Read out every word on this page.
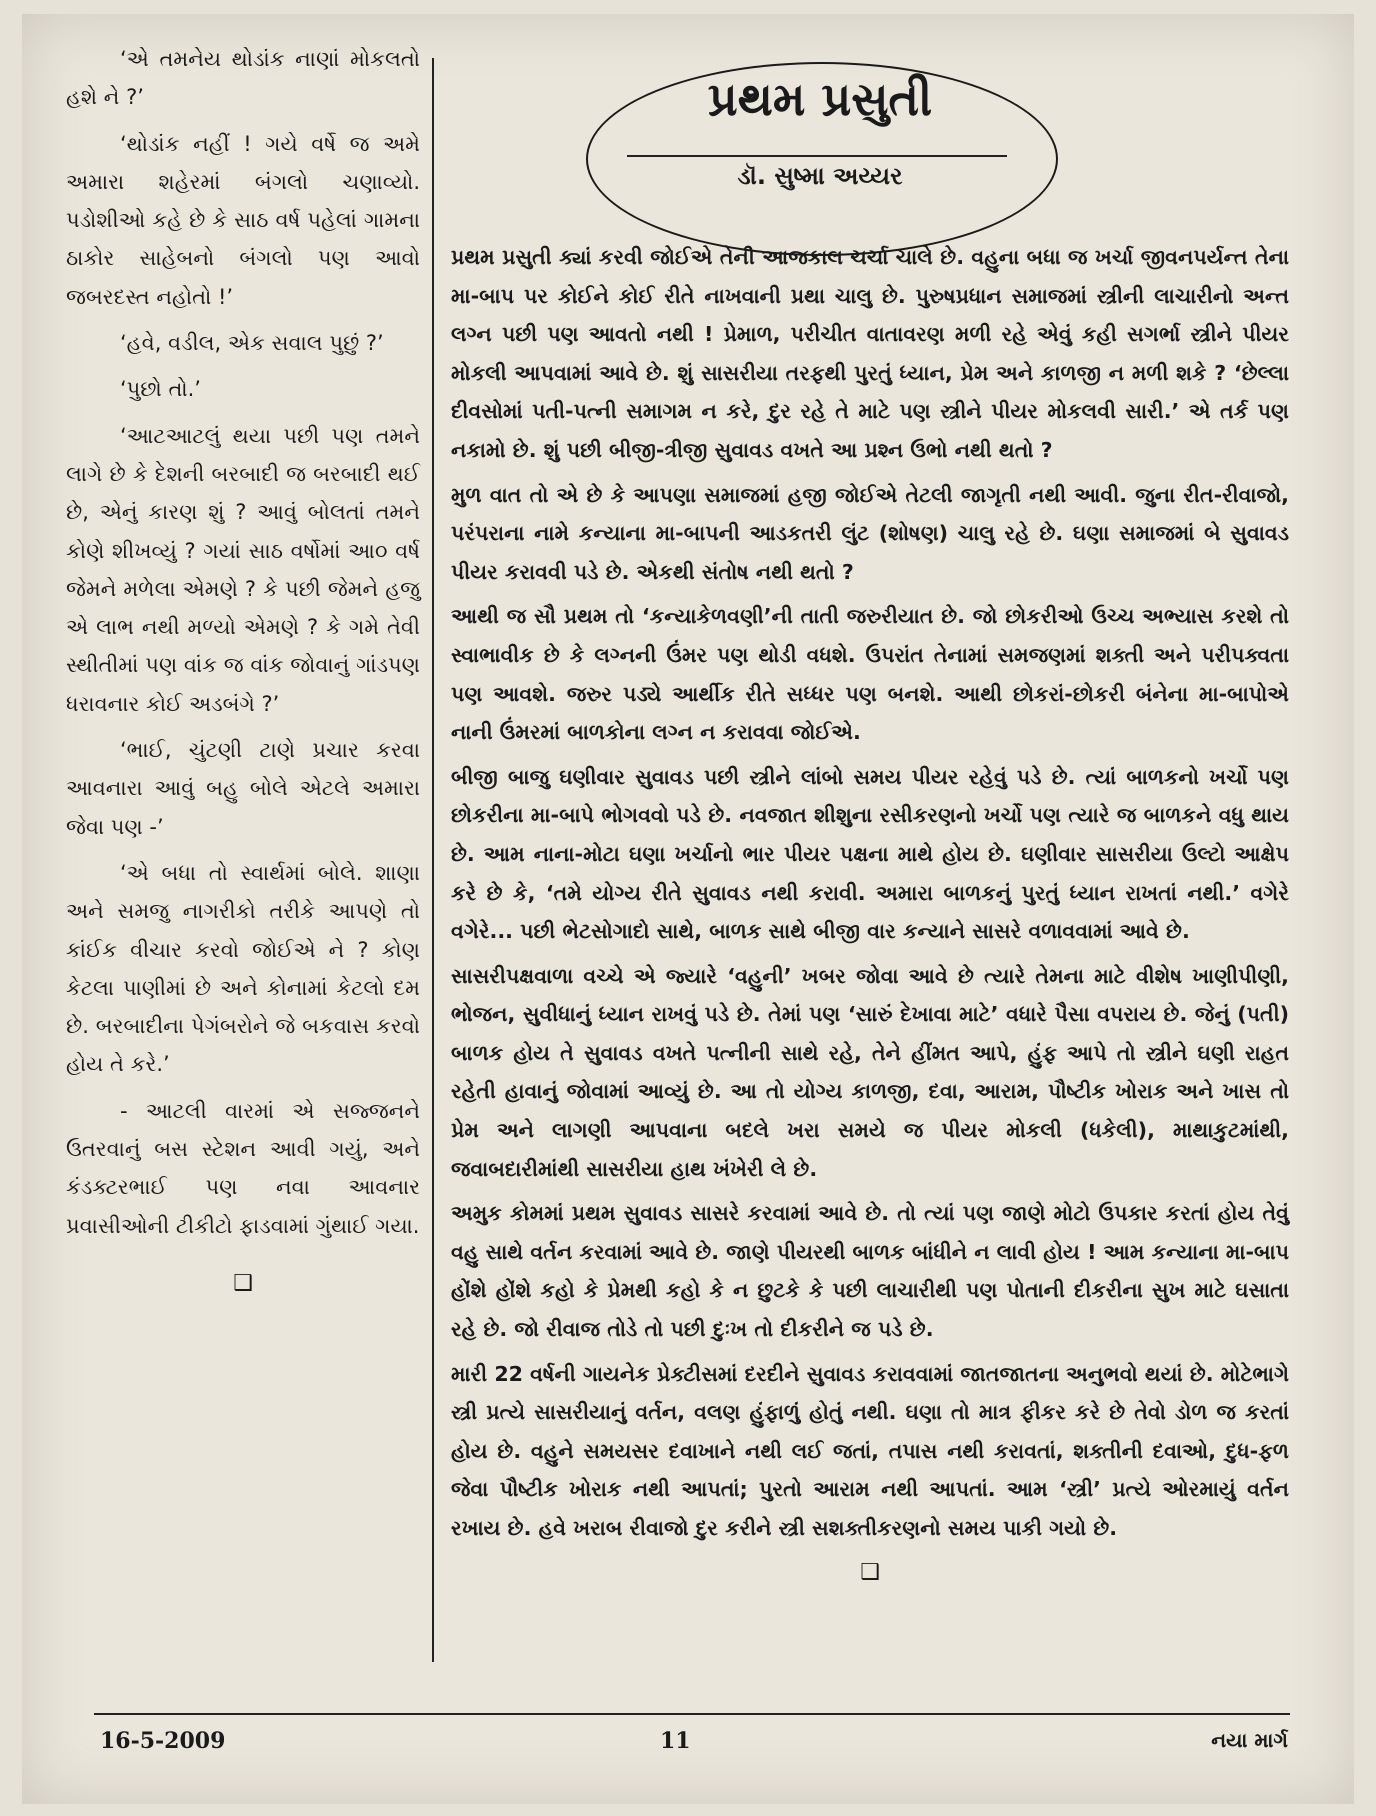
‘એ તમનેય થોડાંક નાણાં મોકલતો હશે ને ?’

‘થોડાંક નહીં ! ગયે વર્ષે જ અમે અમારા શહેરમાં બંગલો ચણાવ્યો. પડોશીઓ કહે છે કે સાઠ વર્ષ પહેલાં ગામના ઠાકોર સાહેબનો બંગલો પણ આવો જબરદસ્ત નહોતો !’

‘હવે, વડીલ, એક સવાલ પુછું ?’

‘પુછો તો.’

‘આટઆટલું થયા પછી પણ તમને લાગે છે કે દેશની બરબાદી જ બરબાદી થઈ છે, એનું કારણ શું ? આવું બોલતાં તમને કોણે શીખવ્યું ? ગયાં સાઠ વર્ષોમાં આ૦ વર્ષ જેમને મળેલા એમણે ? કે પછી જેમને હજુ એ લાભ નથી મળ્યો એમણે ? કે ગમે તેવી સ્થીતીમાં પણ વાંક જ વાંક જોવાનું ગાંડપણ ધરાવનાર કોઈ અડબંગે ?’

‘ભાઈ, ચુંટણી ટાણે પ્રચાર કરવા આવનારા આવું બહુ બોલે એટલે અમારા જેવા પણ -’

‘એ બધા તો સ્વાર્થમાં બોલે. શાણા અને સમજુ નાગરીકો તરીકે આપણે તો કાંઈક વીચાર કરવો જોઈએ ને ? કોણ કેટલા પાણીમાં છે અને કોનામાં કેટલો દમ છે. બરબાદીના પેગંબરોને જે બકવાસ કરવો હોય તે કરે.’

- આટલી વારમાં એ સજ્જનને ઉતરવાનું બસ સ્ટેશન આવી ગયું, અને કંડક્ટરભાઈ પણ નવા આવનાર પ્રવાસીઓની ટીકીટો ફાડવામાં ગુંથાઈ ગયા.

❑
પ્રથમ પ્રસુતી
ડૉ. સુષ્મા અય્યર

પ્રથમ પ્રસુતી ક્યાં કરવી જોઈએ તેની આજકાલ ચર્ચા ચાલે છે. વહુના બધા જ ખર્ચા જીવનપર્યન્ત તેના મા-બાપ પર કોઈને કોઈ રીતે નાખવાની પ્રથા ચાલુ છે. પુરુષપ્રધાન સમાજમાં સ્ત્રીની લાચારીનો અન્ત લગ્ન પછી પણ આવતો નથી ! પ્રેમાળ, પરીચીત વાતાવરણ મળી રહે એવું કહી સગર્ભા સ્ત્રીને પીયર મોકલી આપવામાં આવે છે. શું સાસરીયા તરફથી પુરતું ધ્યાન, પ્રેમ અને કાળજી ન મળી શકે ? ‘છેલ્લા દીવસોમાં પતી-પત્ની સમાગમ ન કરે, દુર રહે તે માટે પણ સ્ત્રીને પીયર મોકલવી સારી.’ એ તર્ક પણ નકામો છે. શું પછી બીજી-ત્રીજી સુવાવડ વખતે આ પ્રશ્ન ઉભો નથી થતો ?

મુળ વાત તો એ છે કે આપણા સમાજમાં હજી જોઈએ તેટલી જાગૃતી નથી આવી. જુના રીત-રીવાજો, પરંપરાના નામે કન્યાના મા-બાપની આડકતરી લુંટ (શોષણ) ચાલુ રહે છે. ઘણા સમાજમાં બે સુવાવડ પીયર કરાવવી પડે છે. એકથી સંતોષ નથી થતો ?

આથી જ સૌ પ્રથમ તો ‘કન્યાકેળવણી’ની તાતી જરુરીયાત છે. જો છોકરીઓ ઉચ્ચ અભ્યાસ કરશે તો સ્વાભાવીક છે કે લગ્નની ઉંમર પણ થોડી વધશે. ઉપરાંત તેનામાં સમજણમાં શક્તી અને પરીપક્વતા પણ આવશે. જરુર પડ્યે આર્થીક રીતે સધ્ધર પણ બનશે. આથી છોકરાં-છોકરી બંનેના મા-બાપોએ નાની ઉંમરમાં બાળકોના લગ્ન ન કરાવવા જોઈએ.

બીજી બાજુ ઘણીવાર સુવાવડ પછી સ્ત્રીને લાંબો સમય પીયર રહેવું પડે છે. ત્યાં બાળકનો ખર્ચો પણ છોકરીના મા-બાપે ભોગવવો પડે છે. નવજાત શીશુના રસીકરણનો ખર્ચો પણ ત્યારે જ બાળકને વધુ થાય છે. આમ નાના-મોટા ઘણા ખર્ચાનો ભાર પીયર પક્ષના માથે હોય છે. ઘણીવાર સાસરીયા ઉલ્ટો આક્ષેપ કરે છે કે, ‘તમે યોગ્ય રીતે સુવાવડ નથી કરાવી. અમારા બાળકનું પુરતું ધ્યાન રાખતાં નથી.’ વગેરે વગેરે... પછી ભેટસોગાદો સાથે, બાળક સાથે બીજી વાર કન્યાને સાસરે વળાવવામાં આવે છે.

સાસરીપક્ષવાળા વચ્ચે એ જ્યારે ‘વહુની’ ખબર જોવા આવે છે ત્યારે તેમના માટે વીશેષ ખાણીપીણી, ભોજન, સુવીધાનું ધ્યાન રાખવું પડે છે. તેમાં પણ ‘સારું દેખાવા માટે’ વધારે પૈસા વપરાય છે. જેનું (પતી) બાળક હોય તે સુવાવડ વખતે પત્નીની સાથે રહે, તેને હીંમત આપે, હુંફ આપે તો સ્ત્રીને ઘણી રાહત રહેતી હાવાનું જોવામાં આવ્યું છે. આ તો યોગ્ય કાળજી, દવા, આરામ, પૌષ્ટીક ખોરાક અને ખાસ તો પ્રેમ અને લાગણી આપવાના બદલે ખરા સમયે જ પીયર મોકલી (ધકેલી), માથાકુટમાંથી, જવાબદારીમાંથી સાસરીયા હાથ ખંખેરી લે છે.

અમુક કોમમાં પ્રથમ સુવાવડ સાસરે કરવામાં આવે છે. તો ત્યાં પણ જાણે મોટો ઉપકાર કરતાં હોય તેવું વહુ સાથે વર્તન કરવામાં આવે છે. જાણે પીયરથી બાળક બાંધીને ન લાવી હોય ! આમ કન્યાના મા-બાપ હોંશે હોંશે કહો કે પ્રેમથી કહો કે ન છુટકે કે પછી લાચારીથી પણ પોતાની દીકરીના સુખ માટે ઘસાતા રહે છે. જો રીવાજ તોડે તો પછી દુઃખ તો દીકરીને જ પડે છે.

મારી 22 વર્ષની ગાયનેક પ્રેક્ટીસમાં દરદીને સુવાવડ કરાવવામાં જાતજાતના અનુભવો થયાં છે. મોટેભાગે સ્ત્રી પ્રત્યે સાસરીયાનું વર્તન, વલણ હુંફાળું હોતું નથી. ઘણા તો માત્ર ફીકર કરે છે તેવો ડોળ જ કરતાં હોય છે. વહુને સમયસર દવાખાને નથી લઈ જતાં, તપાસ નથી કરાવતાં, શક્તીની દવાઓ, દુધ-ફળ જેવા પૌષ્ટીક ખોરાક નથી આપતાં; પુરતો આરામ નથી આપતાં. આમ ‘સ્ત્રી’ પ્રત્યે ઓરમાયું વર્તન રખાય છે. હવે ખરાબ રીવાજો દુર કરીને સ્ત્રી સશક્તીકરણનો સમય પાકી ગયો છે.

❑
16-5-2009	11	નયા માર્ગ
